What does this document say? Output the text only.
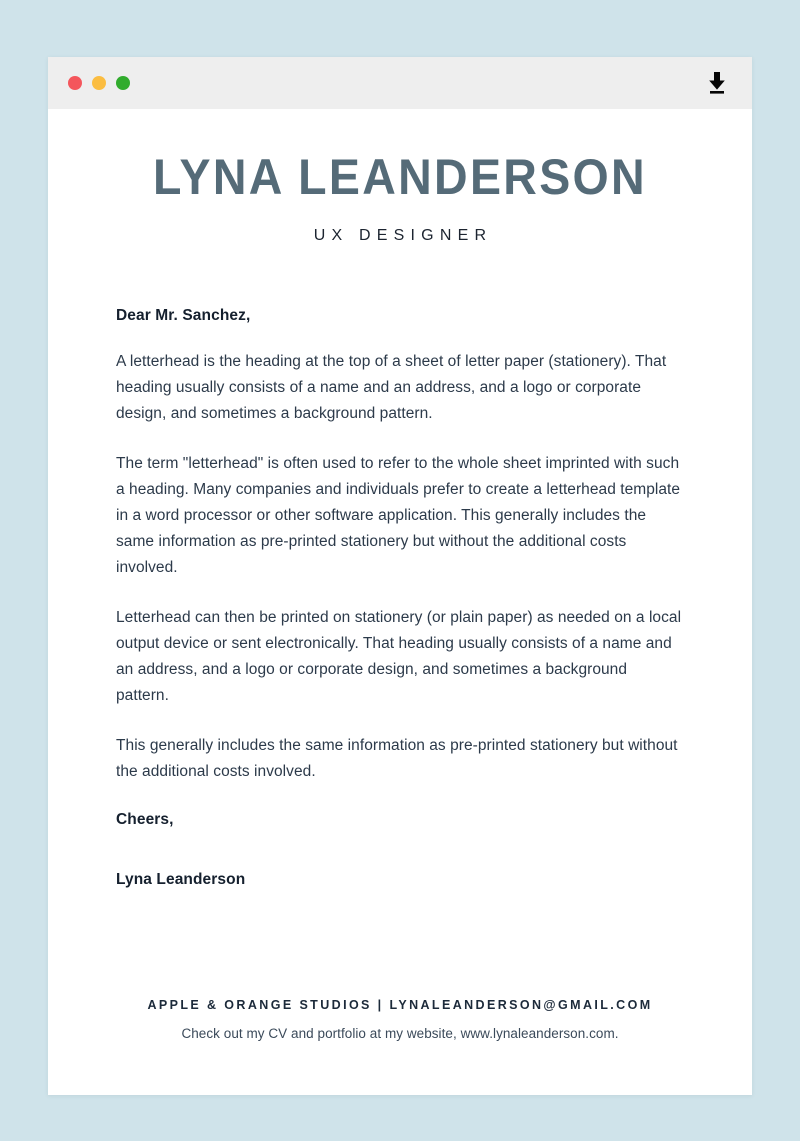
LYNA LEANDERSON
UX DESIGNER

Dear Mr. Sanchez,

A letterhead is the heading at the top of a sheet of letter paper (stationery). That heading usually consists of a name and an address, and a logo or corporate design, and sometimes a background pattern.

The term "letterhead" is often used to refer to the whole sheet imprinted with such a heading. Many companies and individuals prefer to create a letterhead template in a word processor or other software application. This generally includes the same information as pre-printed stationery but without the additional costs involved.

Letterhead can then be printed on stationery (or plain paper) as needed on a local output device or sent electronically. That heading usually consists of a name and an address, and a logo or corporate design, and sometimes a background pattern.

This generally includes the same information as pre-printed stationery but without the additional costs involved.

Cheers,

Lyna Leanderson

APPLE & ORANGE STUDIOS | LYNALEANDERSON@GMAIL.COM

Check out my CV and portfolio at my website, www.lynaleanderson.com.
